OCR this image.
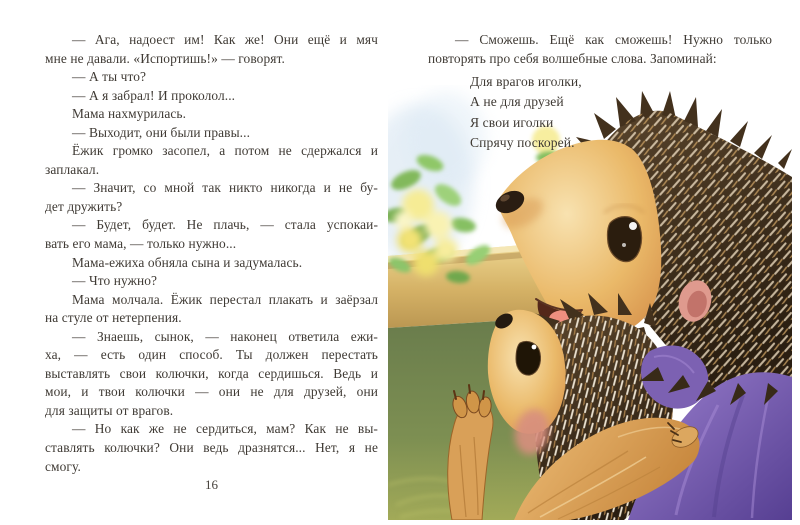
— Ага, надоест им! Как же! Они ещё и мяч
мне не давали. «Испортишь!» — говорят.
— А ты что?
— А я забрал! И проколол...
Мама нахмурилась.
— Выходит, они были правы...
Ёжик громко засопел, а потом не сдержался и
заплакал.
— Значит, со мной так никто никогда и не бу-
дет дружить?
— Будет, будет. Не плачь, — стала успокаи-
вать его мама, — только нужно...
Мама-ежиха обняла сына и задумалась.
— Что нужно?
Мама молчала. Ёжик перестал плакать и заёрзал
на стуле от нетерпения.
— Знаешь, сынок, — наконец ответила ежи-
ха, — есть один способ. Ты должен перестать
выставлять свои колючки, когда сердишься. Ведь и
мои, и твои колючки — они не для друзей, они
для защиты от врагов.
— Но как же не сердиться, мам? Как не вы-
ставлять колючки? Они ведь дразнятся... Нет, я не
смогу.
16
— Сможешь. Ещё как сможешь! Нужно только
повторять про себя волшебные слова. Запоминай:
Для врагов иголки,
А не для друзей
Я свои иголки
Спрячу поскорей.
